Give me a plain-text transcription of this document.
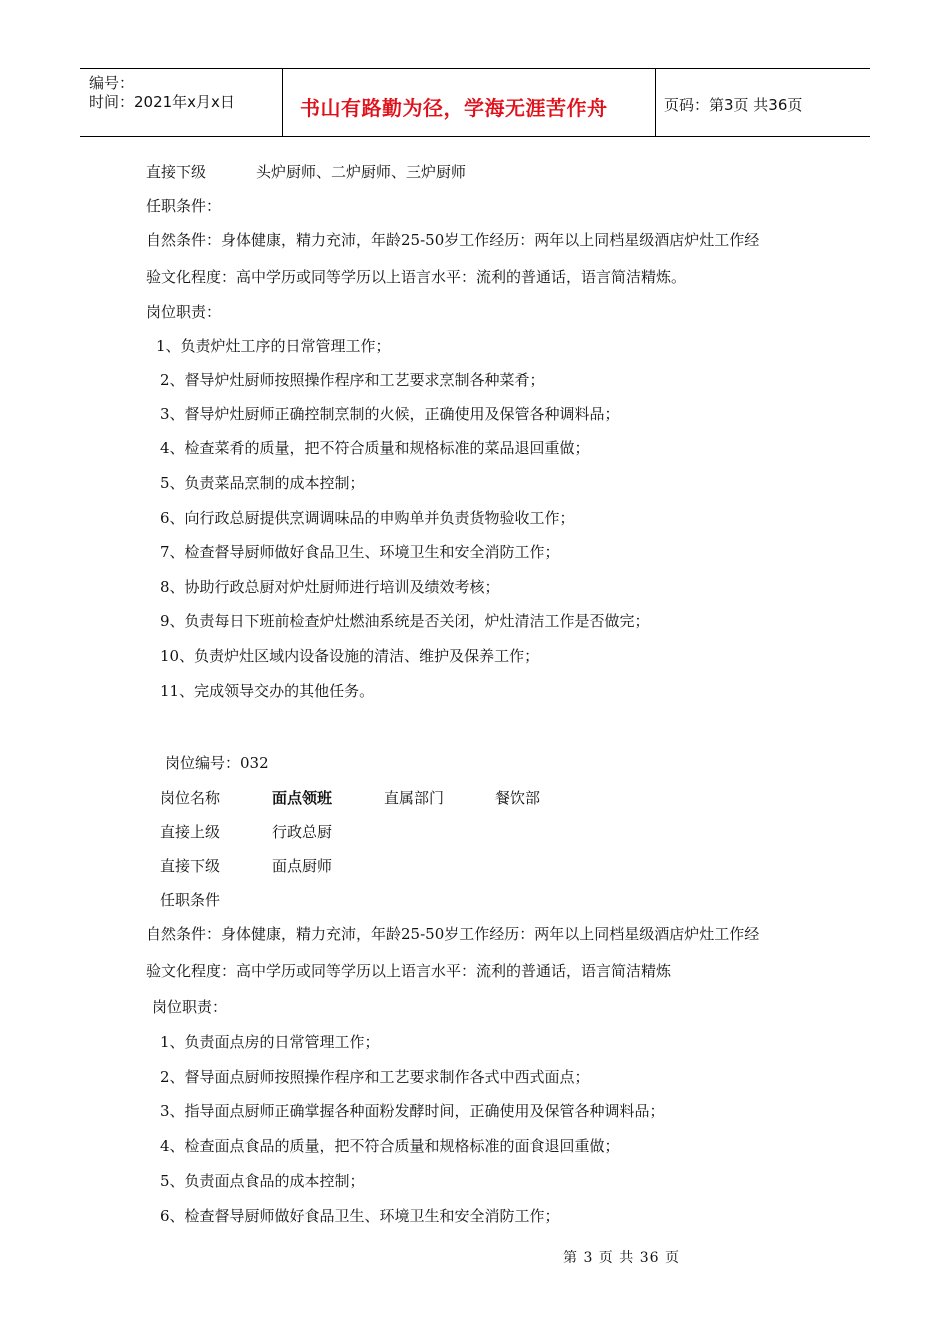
编号：
时间：2021年x月x日	书山有路勤为径，学海无涯苦作舟	页码：第3页 共36页
直接下级	头炉厨师、二炉厨师、三炉厨师
任职条件：
自然条件：身体健康，精力充沛，年龄25-50岁工作经历：两年以上同档星级酒店炉灶工作经
验文化程度：高中学历或同等学历以上语言水平：流利的普通话，语言简洁精炼。
岗位职责：
1、负责炉灶工序的日常管理工作；
2、督导炉灶厨师按照操作程序和工艺要求烹制各种菜肴；
3、督导炉灶厨师正确控制烹制的火候，正确使用及保管各种调料品；
4、检查菜肴的质量，把不符合质量和规格标准的菜品退回重做；
5、负责菜品烹制的成本控制；
6、向行政总厨提供烹调调味品的申购单并负责货物验收工作；
7、检查督导厨师做好食品卫生、环境卫生和安全消防工作；
8、协助行政总厨对炉灶厨师进行培训及绩效考核；
9、负责每日下班前检查炉灶燃油系统是否关闭，炉灶清洁工作是否做完；
10、负责炉灶区域内设备设施的清洁、维护及保养工作；
11、完成领导交办的其他任务。
岗位编号：032
岗位名称	面点领班	直属部门	餐饮部
直接上级	行政总厨
直接下级	面点厨师
任职条件
自然条件：身体健康，精力充沛，年龄25-50岁工作经历：两年以上同档星级酒店炉灶工作经
验文化程度：高中学历或同等学历以上语言水平：流利的普通话，语言简洁精炼
岗位职责：
1、负责面点房的日常管理工作；
2、督导面点厨师按照操作程序和工艺要求制作各式中西式面点；
3、指导面点厨师正确掌握各种面粉发酵时间，正确使用及保管各种调料品；
4、检查面点食品的质量，把不符合质量和规格标准的面食退回重做；
5、负责面点食品的成本控制；
6、检查督导厨师做好食品卫生、环境卫生和安全消防工作；
第 3 页 共 36 页
